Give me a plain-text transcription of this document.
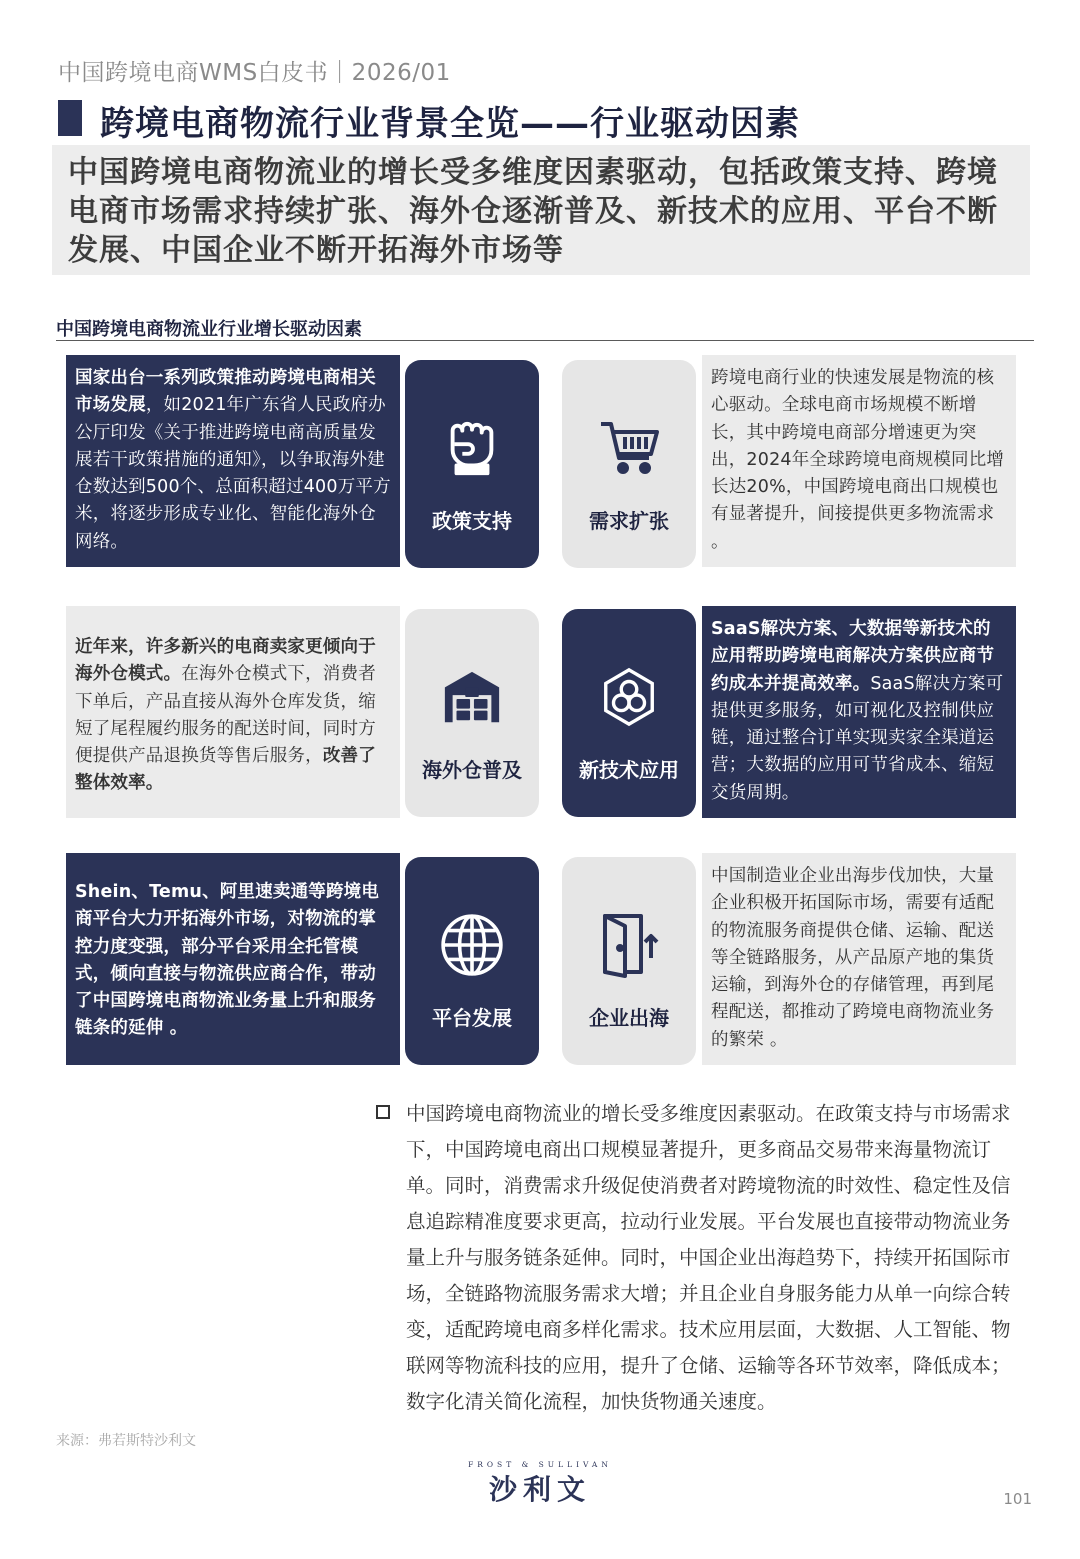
中国跨境电商WMS白皮书｜2026/01
跨境电商物流行业背景全览——行业驱动因素

中国跨境电商物流业的增长受多维度因素驱动，包括政策支持、跨境电商市场需求持续扩张、海外仓逐渐普及、新技术的应用、平台不断发展、中国企业不断开拓海外市场等

中国跨境电商物流业行业增长驱动因素
国家出台一系列政策推动跨境电商相关市场发展，如2021年广东省人民政府办公厅印发《关于推进跨境电商高质量发展若干政策措施的通知》，以争取海外建仓数达到500个、总面积超过400万平方米，将逐步形成专业化、智能化海外仓网络。
政策支持	需求扩张
跨境电商行业的快速发展是物流的核心驱动。全球电商市场规模不断增长，其中跨境电商部分增速更为突出，2024年全球跨境电商规模同比增长达20%，中国跨境电商出口规模也有显著提升，间接提供更多物流需求 。
近年来，许多新兴的电商卖家更倾向于海外仓模式。在海外仓模式下，消费者下单后，产品直接从海外仓库发货，缩短了尾程履约服务的配送时间，同时方便提供产品退换货等售后服务，改善了整体效率。
海外仓普及	新技术应用
SaaS解决方案、大数据等新技术的应用帮助跨境电商解决方案供应商节约成本并提高效率。SaaS解决方案可提供更多服务，如可视化及控制供应链，通过整合订单实现卖家全渠道运营；大数据的应用可节省成本、缩短交货周期。
Shein、Temu、阿里速卖通等跨境电商平台大力开拓海外市场，对物流的掌控力度变强，部分平台采用全托管模式，倾向直接与物流供应商合作，带动了中国跨境电商物流业务量上升和服务链条的延伸 。	平台发展	企业出海
中国制造业企业出海步伐加快，大量企业积极开拓国际市场，需要有适配的物流服务商提供仓储、运输、配送等全链路服务，从产品原产地的集货运输，到海外仓的存储管理，再到尾程配送，都推动了跨境电商物流业务的繁荣 。
中国跨境电商物流业的增长受多维度因素驱动。在政策支持与市场需求下，中国跨境电商出口规模显著提升，更多商品交易带来海量物流订单。同时，消费需求升级促使消费者对跨境物流的时效性、稳定性及信息追踪精准度要求更高，拉动行业发展。平台发展也直接带动物流业务量上升与服务链条延伸。同时，中国企业出海趋势下，持续开拓国际市场，全链路物流服务需求大增；并且企业自身服务能力从单一向综合转变，适配跨境电商多样化需求。技术应用层面，大数据、人工智能、物联网等物流科技的应用，提升了仓储、运输等各环节效率，降低成本；数字化清关简化流程，加快货物通关速度。
来源：弗若斯特沙利文
FROST & SULLIVAN
沙利文	101
